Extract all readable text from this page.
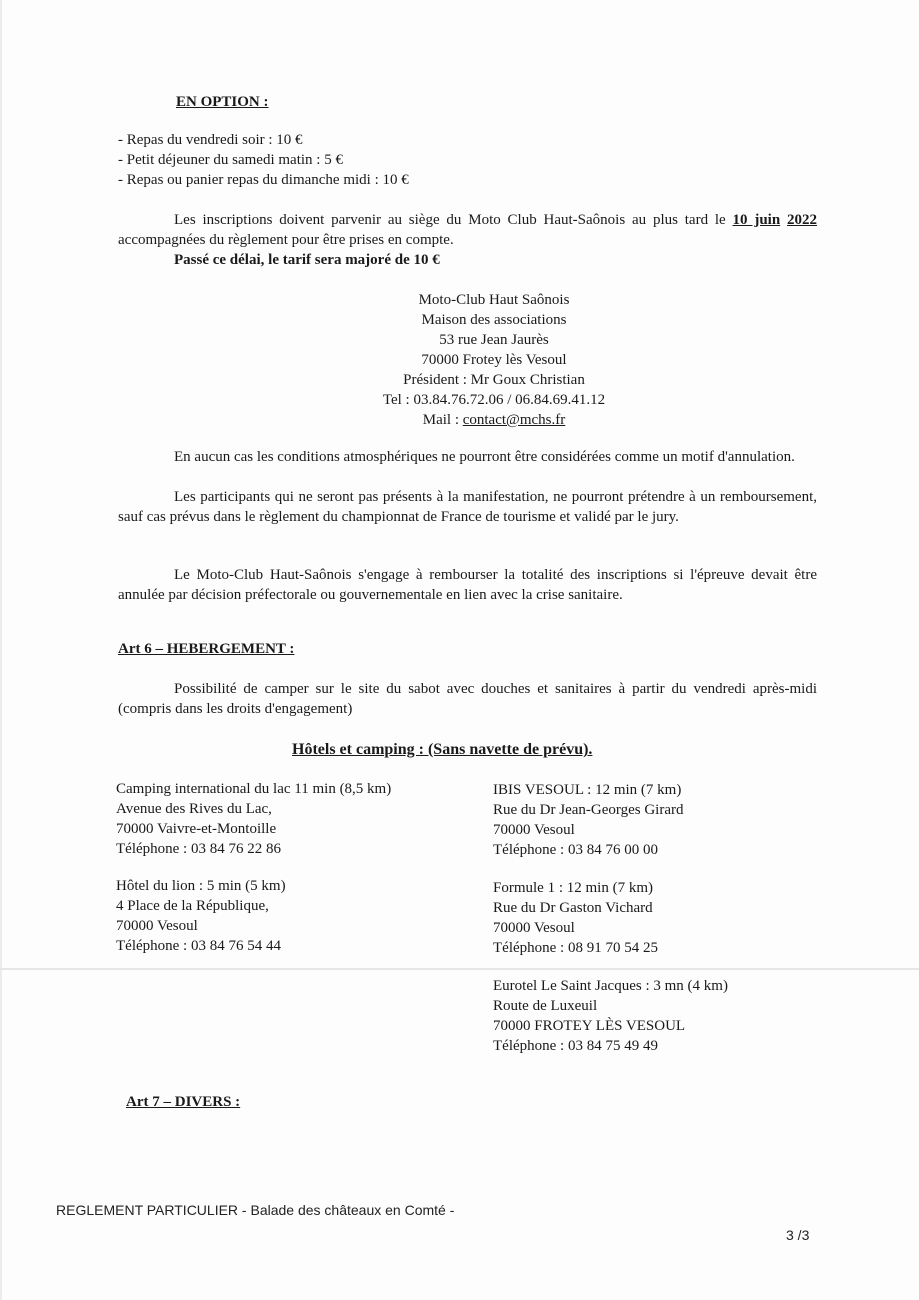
EN OPTION :
- Repas du vendredi soir : 10 €
- Petit déjeuner du samedi matin : 5 €
- Repas ou panier repas du dimanche midi : 10 €
Les inscriptions doivent parvenir au siège du Moto Club Haut-Saônois au plus tard le 10 juin 2022 accompagnées du règlement pour être prises en compte.
Passé ce délai, le tarif sera majoré de 10 €
Moto-Club Haut Saônois
Maison des associations
53 rue Jean Jaurès
70000 Frotey lès Vesoul
Président : Mr Goux Christian
Tel : 03.84.76.72.06 / 06.84.69.41.12
Mail : contact@mchs.fr
En aucun cas les conditions atmosphériques ne pourront être considérées comme un motif d'annulation.
Les participants qui ne seront pas présents à la manifestation, ne pourront prétendre à un remboursement, sauf cas prévus dans le règlement du championnat de France de tourisme et validé par le jury.
Le Moto-Club Haut-Saônois s'engage à rembourser la totalité des inscriptions si l'épreuve devait être annulée par décision préfectorale ou gouvernementale en lien avec la crise sanitaire.
Art 6 – HEBERGEMENT :
Possibilité de camper sur le site du sabot avec douches et sanitaires à partir du vendredi après-midi (compris dans les droits d'engagement)
Hôtels et camping : (Sans navette de prévu).
Camping international du lac 11 min (8,5 km)
Avenue des Rives du Lac,
70000 Vaivre-et-Montoille
Téléphone : 03 84 76 22 86
Hôtel du lion : 5 min (5 km)
4 Place de la République,
70000 Vesoul
Téléphone : 03 84 76 54 44
IBIS VESOUL : 12 min (7 km)
Rue du Dr Jean-Georges Girard
70000 Vesoul
Téléphone : 03 84 76 00 00
Formule 1 : 12 min (7 km)
Rue du Dr Gaston Vichard
70000 Vesoul
Téléphone : 08 91 70 54 25
Eurotel Le Saint Jacques : 3 mn (4 km)
Route de Luxeuil
70000 FROTEY LÈS VESOUL
Téléphone : 03 84 75 49 49
Art 7 – DIVERS :
REGLEMENT PARTICULIER - Balade des châteaux en Comté -
3 /3
